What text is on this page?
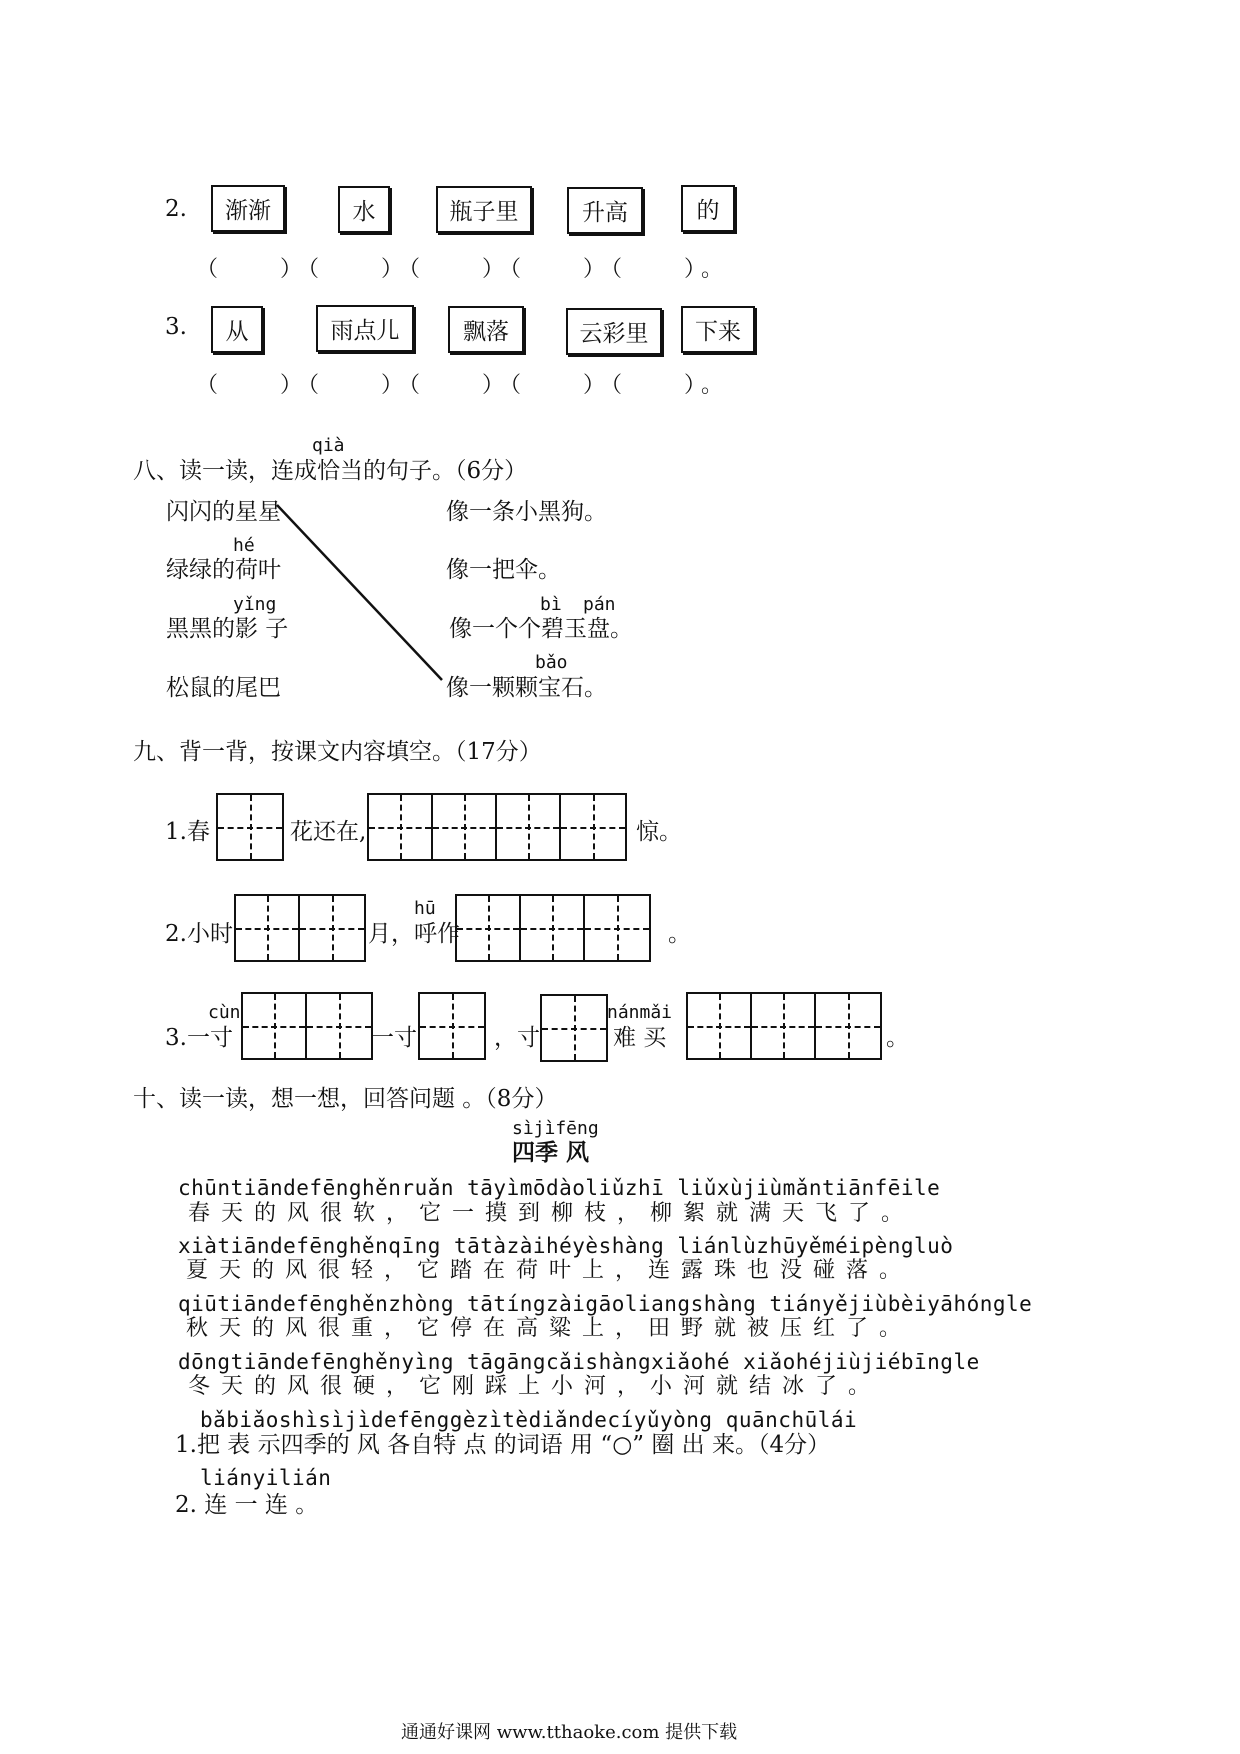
2.	渐渐	水	瓶子里	升高	的
（　　）（　　）（　　）（　　）（　　）。
3.	从	雨点儿	飘落	云彩里	下来
（　　）（　　）（　　）（　　）（　　）。
qià
八、读一读，连成恰当的句子。（6分）
闪闪的星星
hé
绿绿的荷叶
yǐng
黑黑的影 子
松鼠的尾巴
像一条小黑狗。
像一把伞。
bì pán
像一个个碧玉盘。
bǎo
像一颗颗宝石。
九、背一背，按课文内容填空。（17分）
1.春	花还在,	惊。
2.小时	月，呼作
hū
。
cùn
3.一寸	一寸	，寸
nánmǎi
难 买	。
十、读一读，想一想，回答问题 。（8分）
sìjìfēng
四季 风
chūntiāndefēnghěnruǎn tāyìmōdàoliǔzhī liǔxùjiùmǎntiānfēile
春天的风很软，它一摸到柳枝，柳絮就满天飞了。
xiàtiāndefēnghěnqīng tātàzàihéyèshàng liánlùzhūyěméipèngluò
夏天的风很轻，它踏在荷叶上，连露珠也没碰落。
qiūtiāndefēnghěnzhòng tātíngzàigāoliangshàng tiányějiùbèiyāhóngle
秋天的风很重，它停在高粱上，田野就被压红了。
dōngtiāndefēnghěnyìng tāgāngcǎishàngxiǎohé xiǎohéjiùjiébīngle
冬天的风很硬，它刚踩上小河，小河就结冰了。
bǎbiǎoshìsìjìdefēnggèzìtèdiǎndecíyǔyòng quānchūlái
1.把 表 示四季的 风 各自特 点 的词语 用 “○” 圈 出 来。（4分）
liányilián
2. 连 一 连 。
通通好课网 www.tthaoke.com 提供下载
